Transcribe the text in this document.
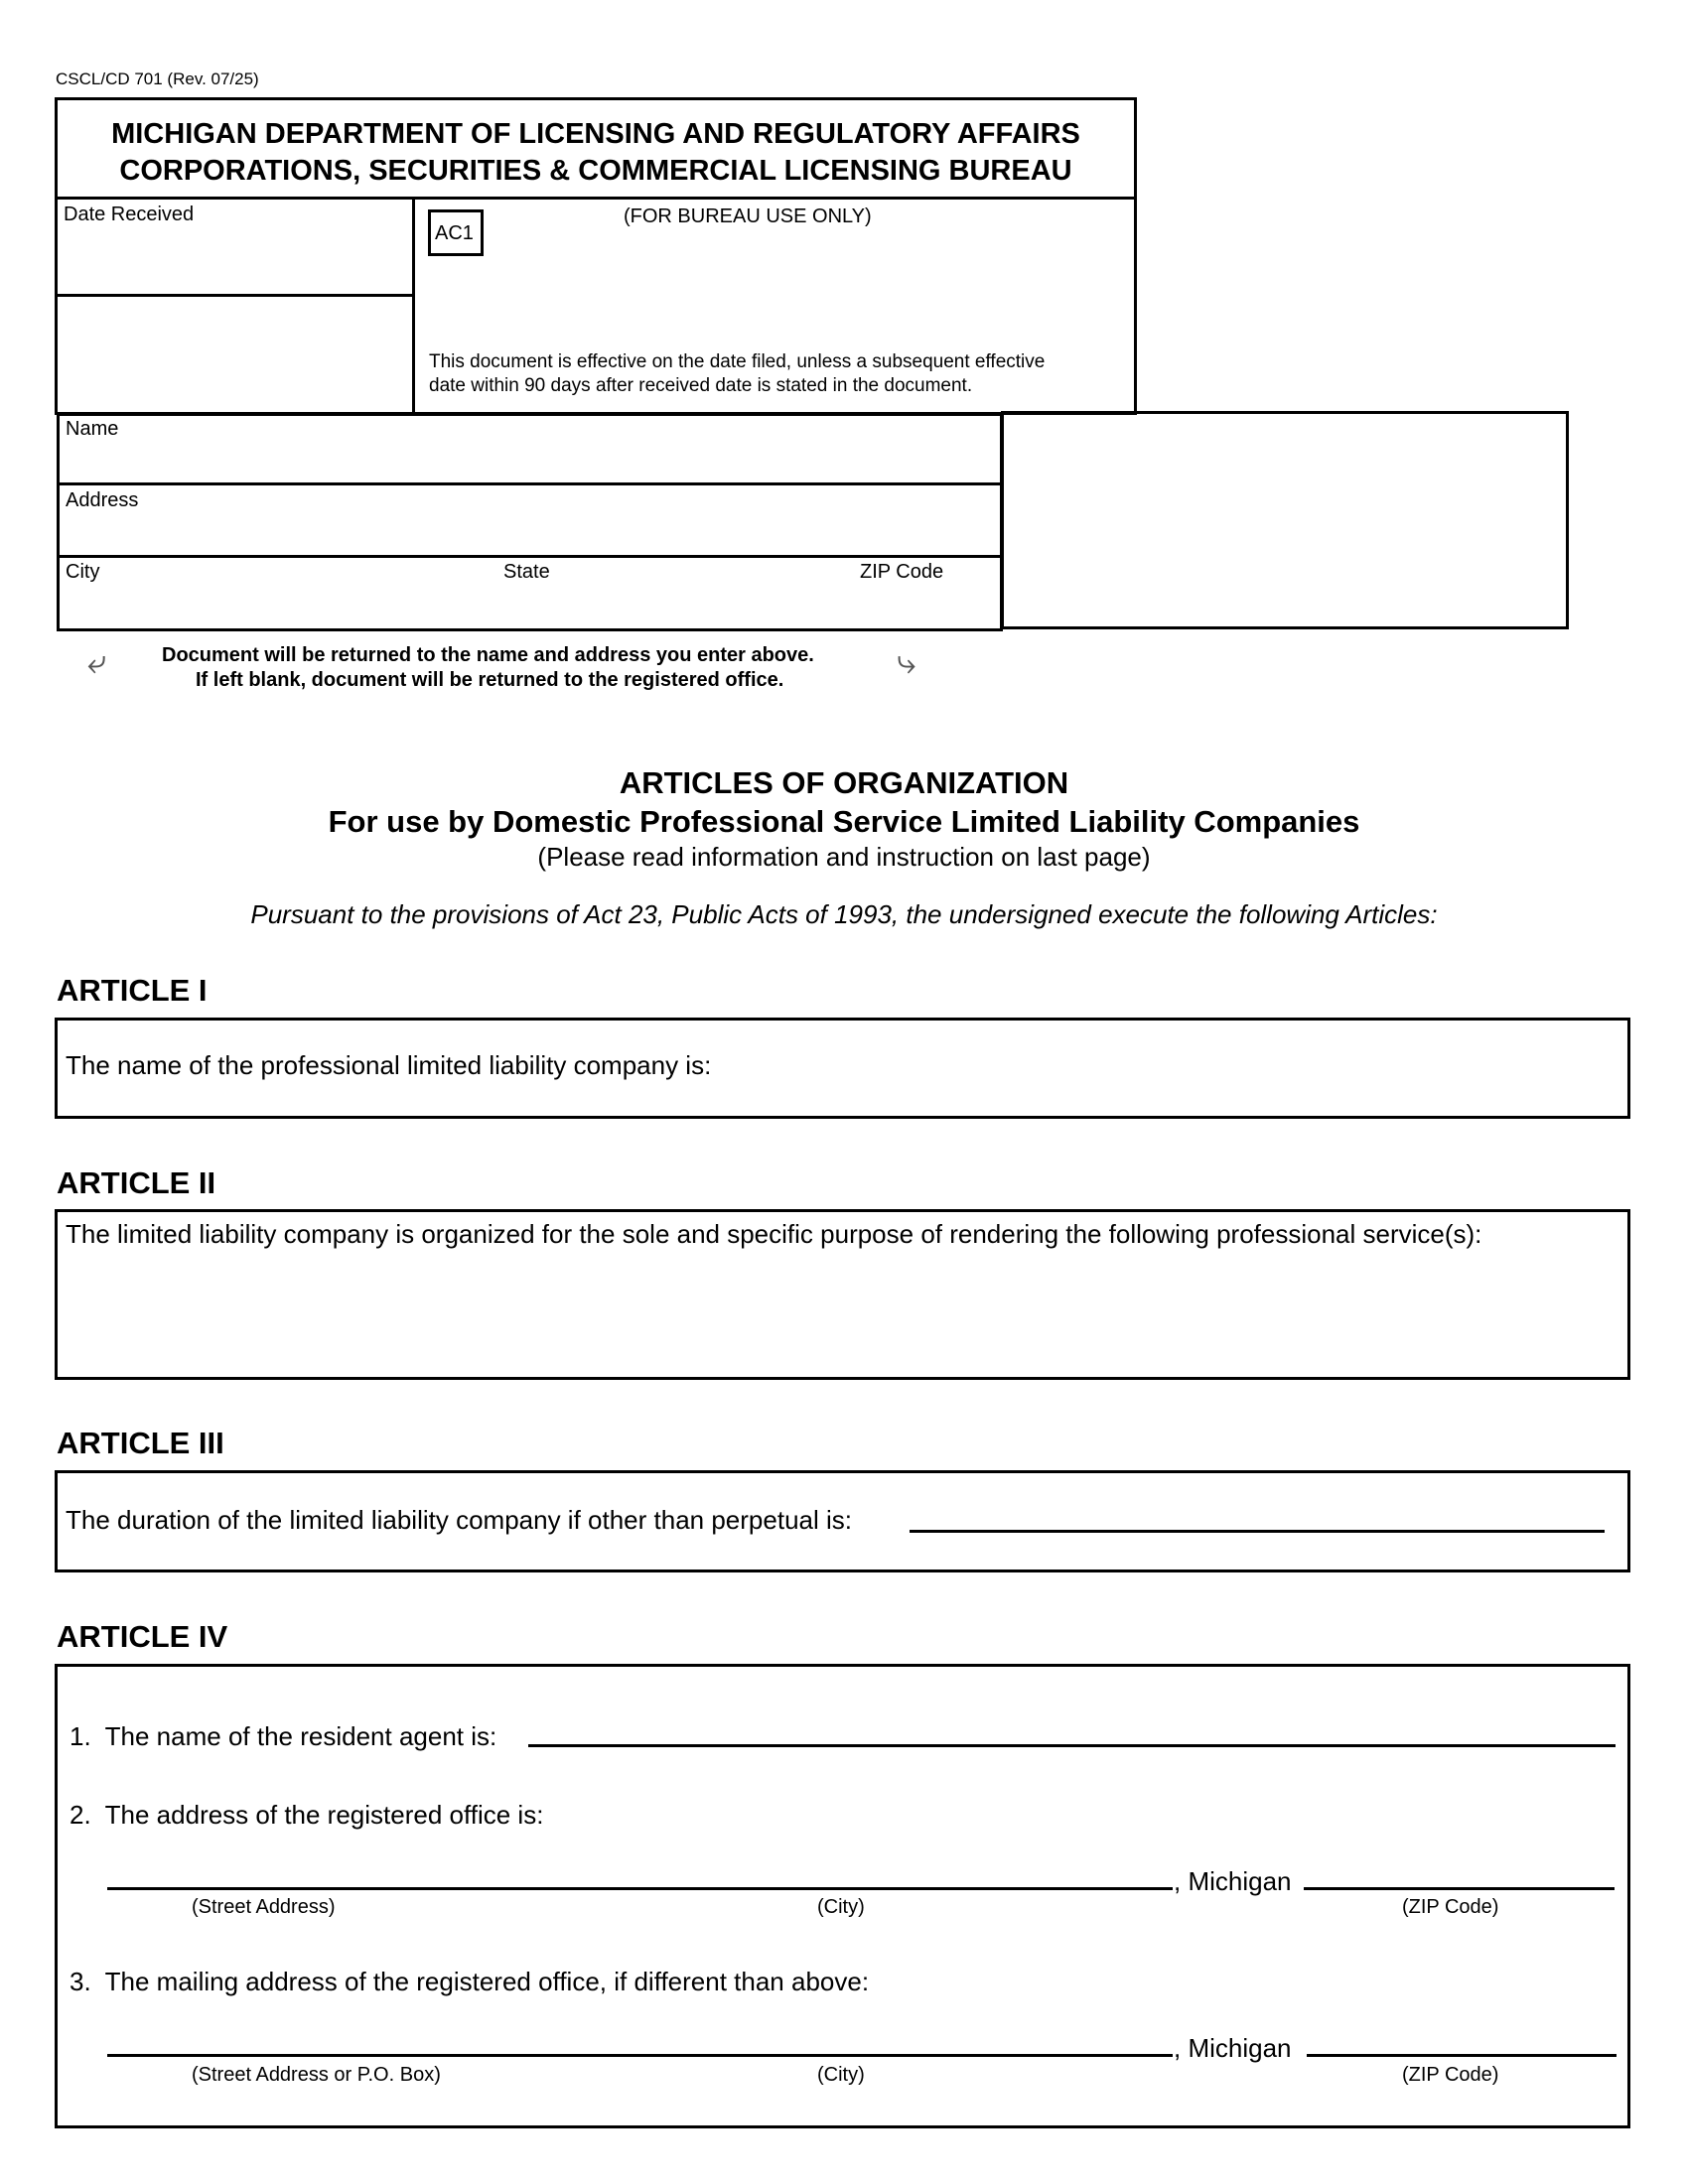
CSCL/CD 701 (Rev. 07/25)
MICHIGAN DEPARTMENT OF LICENSING AND REGULATORY AFFAIRS
CORPORATIONS, SECURITIES & COMMERCIAL LICENSING BUREAU
Date Received
AC1
(FOR BUREAU USE ONLY)
This document is effective on the date filed, unless a subsequent effective
date within 90 days after received date is stated in the document.
Name
Address
City	State	ZIP Code
⤶	Document will be returned to the name and address you enter above.
If left blank, document will be returned to the registered office.	⤷
ARTICLES OF ORGANIZATION
For use by Domestic Professional Service Limited Liability Companies
(Please read information and instruction on last page)
Pursuant to the provisions of Act 23, Public Acts of 1993, the undersigned execute the following Articles:
ARTICLE I
The name of the professional limited liability company is:
ARTICLE II
The limited liability company is organized for the sole and specific purpose of rendering the following professional service(s):
ARTICLE III
The duration of the limited liability company if other than perpetual is:
ARTICLE IV
1.  The name of the resident agent is:
2.  The address of the registered office is:
, Michigan
(Street Address)	(City)	(ZIP Code)
3.  The mailing address of the registered office, if different than above:
, Michigan
(Street Address or P.O. Box)	(City)	(ZIP Code)
